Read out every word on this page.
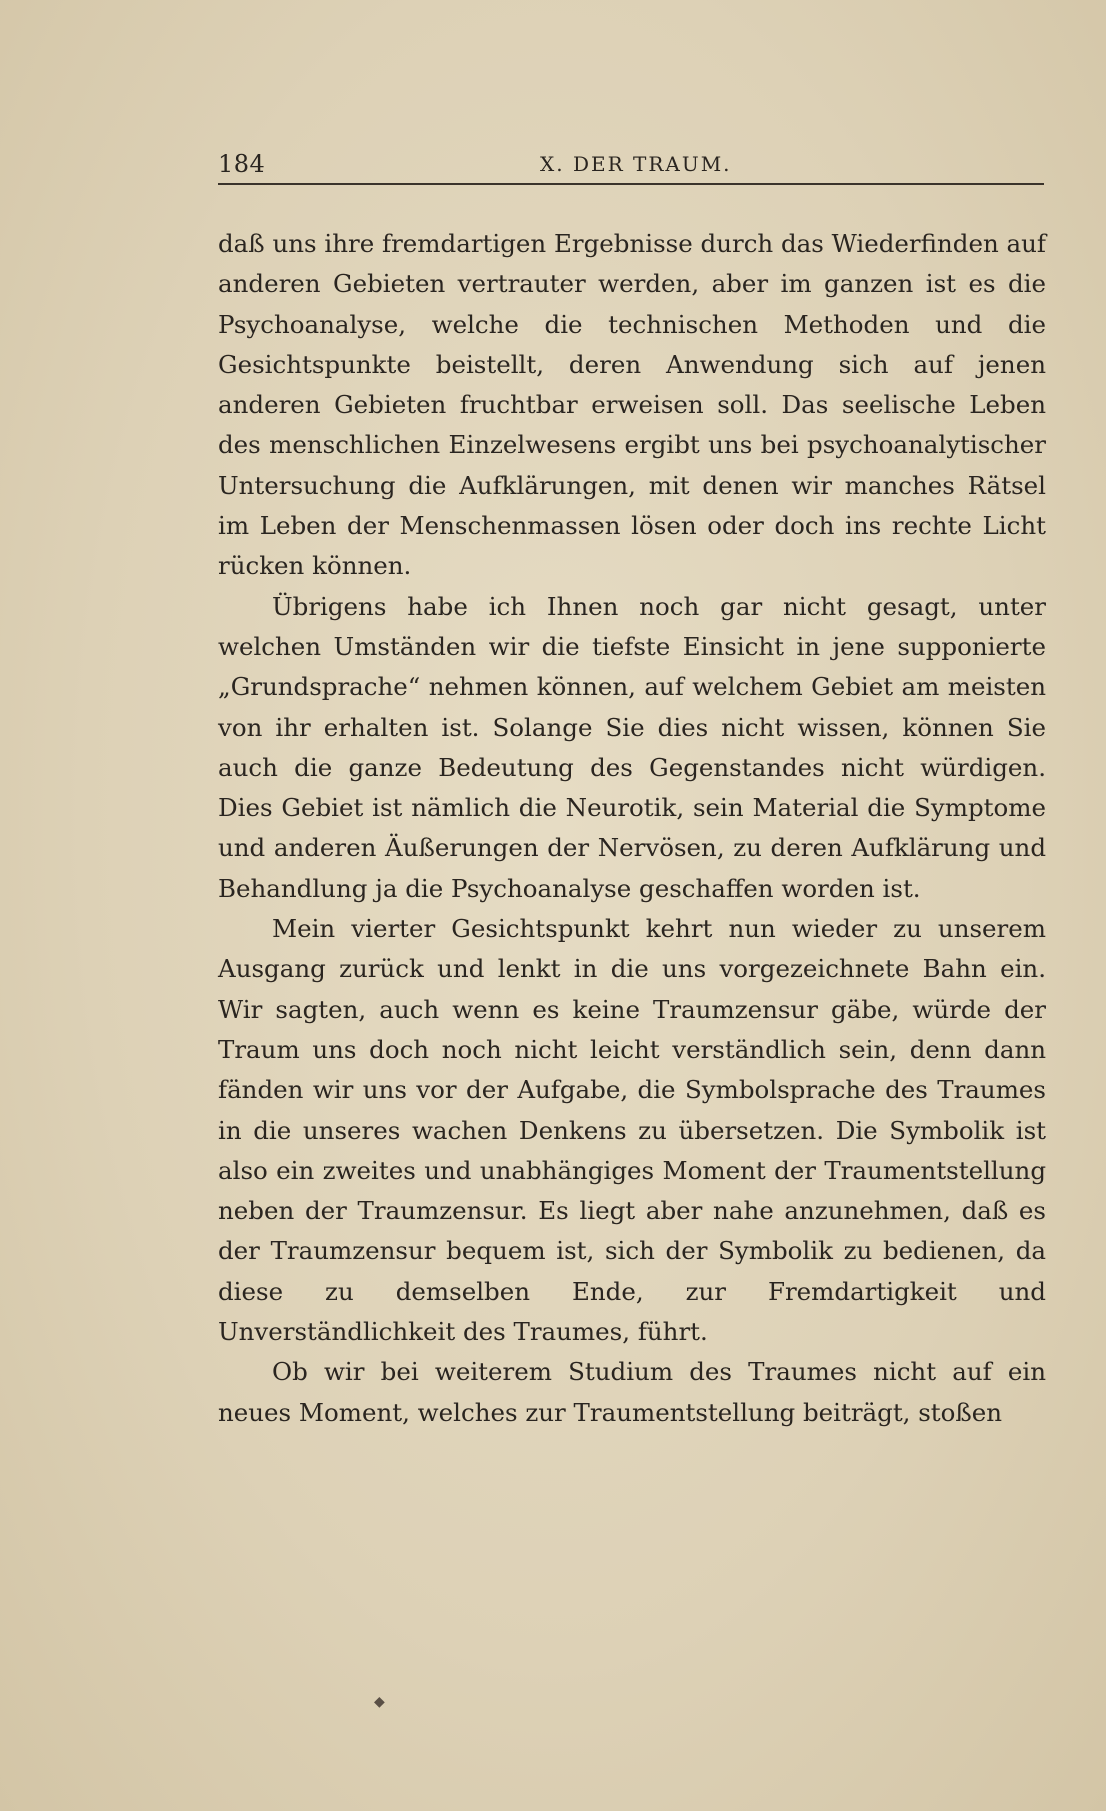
184	X. DER TRAUM.

daß uns ihre fremdartigen Ergebnisse durch das Wiederfinden auf anderen Gebieten vertrauter werden, aber im ganzen ist es die Psychoanalyse, welche die technischen Methoden und die Gesichtspunkte beistellt, deren Anwendung sich auf jenen anderen Gebieten fruchtbar erweisen soll. Das seelische Leben des menschlichen Einzelwesens ergibt uns bei psychoanalytischer Untersuchung die Aufklärungen, mit denen wir manches Rätsel im Leben der Menschenmassen lösen oder doch ins rechte Licht rücken können.

Übrigens habe ich Ihnen noch gar nicht gesagt, unter welchen Umständen wir die tiefste Einsicht in jene supponierte „Grundsprache“ nehmen können, auf welchem Gebiet am meisten von ihr erhalten ist. Solange Sie dies nicht wissen, können Sie auch die ganze Bedeutung des Gegenstandes nicht würdigen. Dies Gebiet ist nämlich die Neurotik, sein Material die Symptome und anderen Äußerungen der Nervösen, zu deren Aufklärung und Behandlung ja die Psychoanalyse geschaffen worden ist.

Mein vierter Gesichtspunkt kehrt nun wieder zu unserem Ausgang zurück und lenkt in die uns vorgezeichnete Bahn ein. Wir sagten, auch wenn es keine Traumzensur gäbe, würde der Traum uns doch noch nicht leicht verständlich sein, denn dann fänden wir uns vor der Aufgabe, die Symbolsprache des Traumes in die unseres wachen Denkens zu übersetzen. Die Symbolik ist also ein zweites und unabhängiges Moment der Traumentstellung neben der Traumzensur. Es liegt aber nahe anzunehmen, daß es der Traumzensur bequem ist, sich der Symbolik zu bedienen, da diese zu demselben Ende, zur Fremdartigkeit und Unverständlichkeit des Traumes, führt.

Ob wir bei weiterem Studium des Traumes nicht auf ein neues Moment, welches zur Traumentstellung beiträgt, stoßen

◆
